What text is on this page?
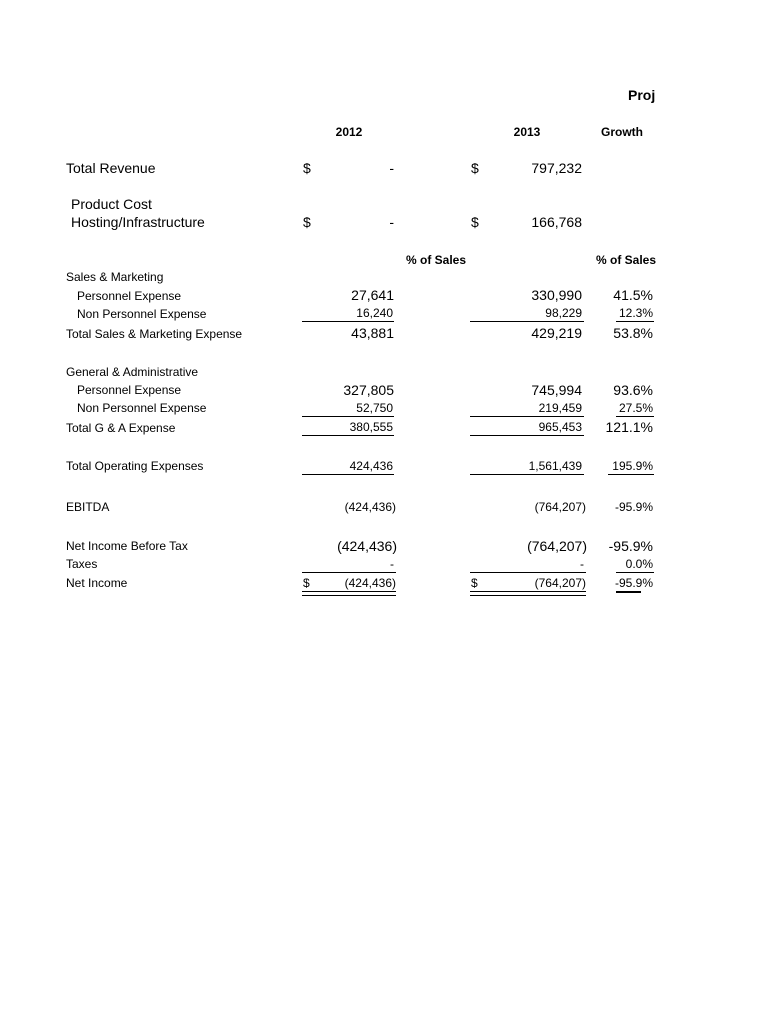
Proj
2012	2013	Growth
Total Revenue	$	-	$	797,232
Product Cost
Hosting/Infrastructure	$	-	$	166,768
% of Sales	% of Sales
Sales & Marketing
Personnel Expense	27,641	330,990	41.5%
Non Personnel Expense	16,240	98,229	12.3%
Total Sales & Marketing Expense	43,881	429,219	53.8%
General & Administrative
Personnel Expense	327,805	745,994	93.6%
Non Personnel Expense	52,750	219,459	27.5%
Total G & A Expense	380,555	965,453	121.1%
Total Operating Expenses	424,436	1,561,439	195.9%
EBITDA	(424,436)	(764,207)	-95.9%
Net Income Before Tax	(424,436)	(764,207)	-95.9%
Taxes	-	-	0.0%
Net Income	$	(424,436)	$	(764,207)	-95.9%
